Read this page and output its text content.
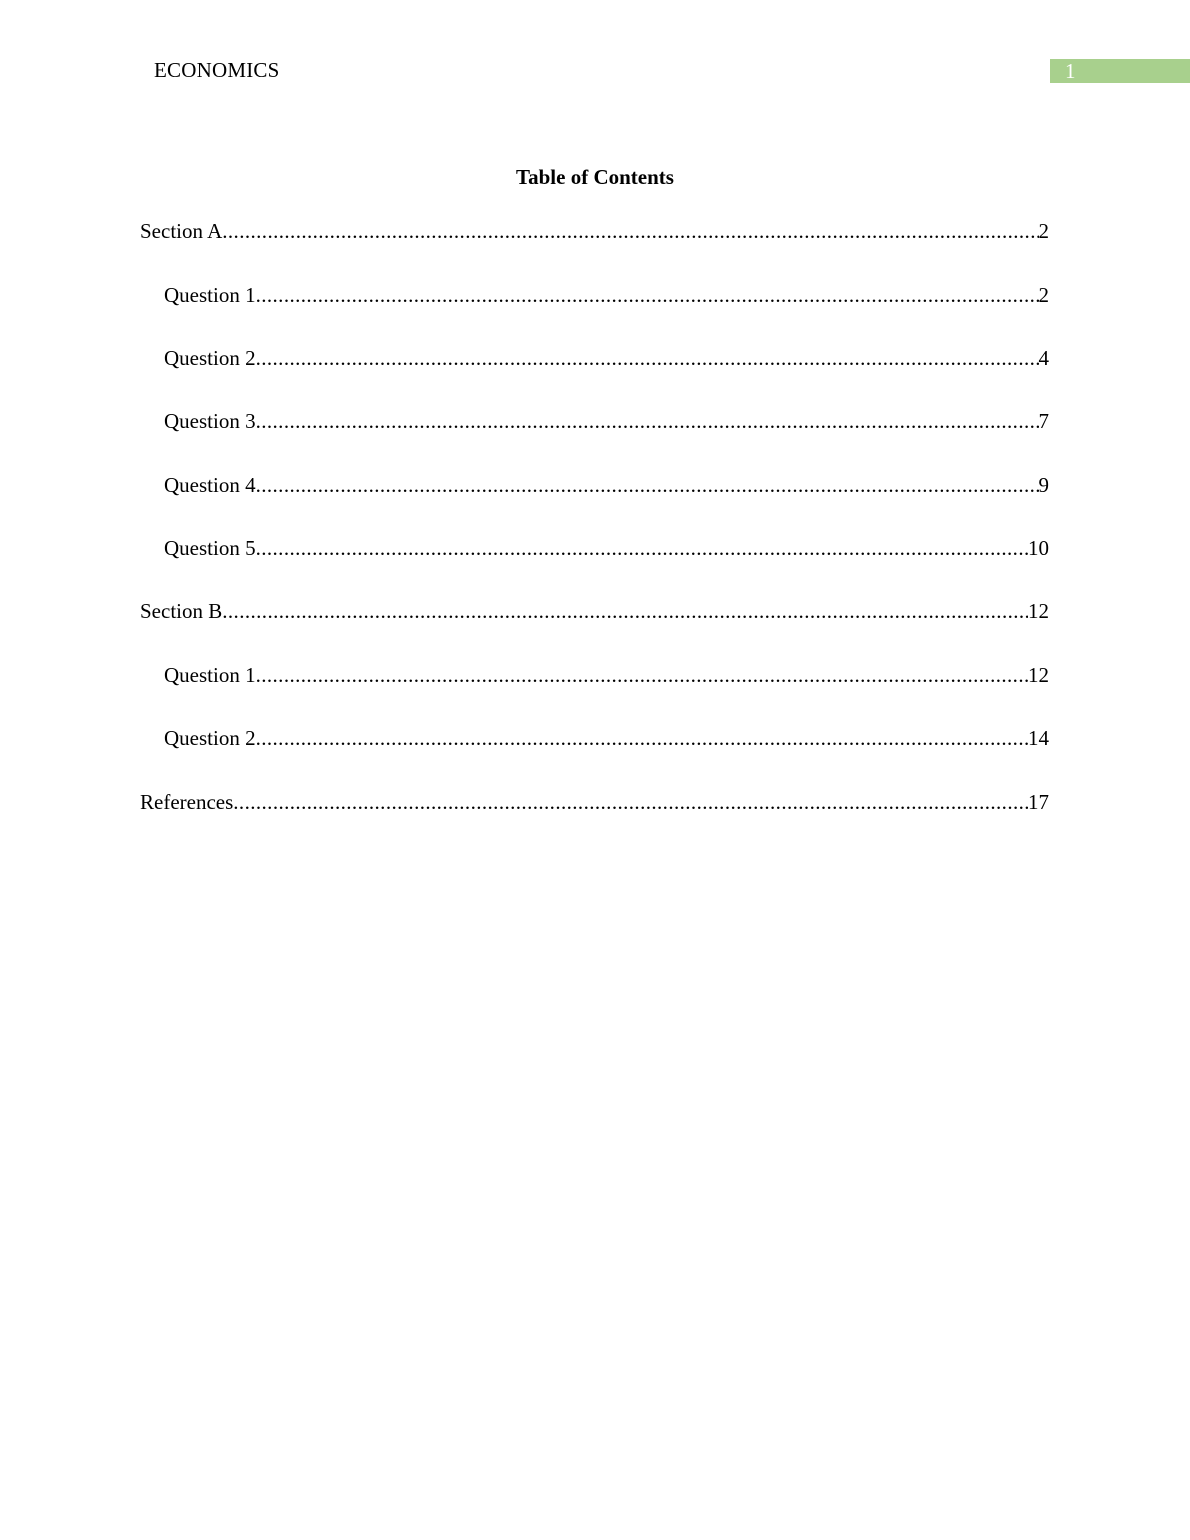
ECONOMICS	1
Table of Contents
Section A .....	2
Question 1 .....	2
Question 2 .....	4
Question 3 .....	7
Question 4 .....	9
Question 5 .....	10
Section B .....	12
Question 1 .....	12
Question 2 .....	14
References .....	17
